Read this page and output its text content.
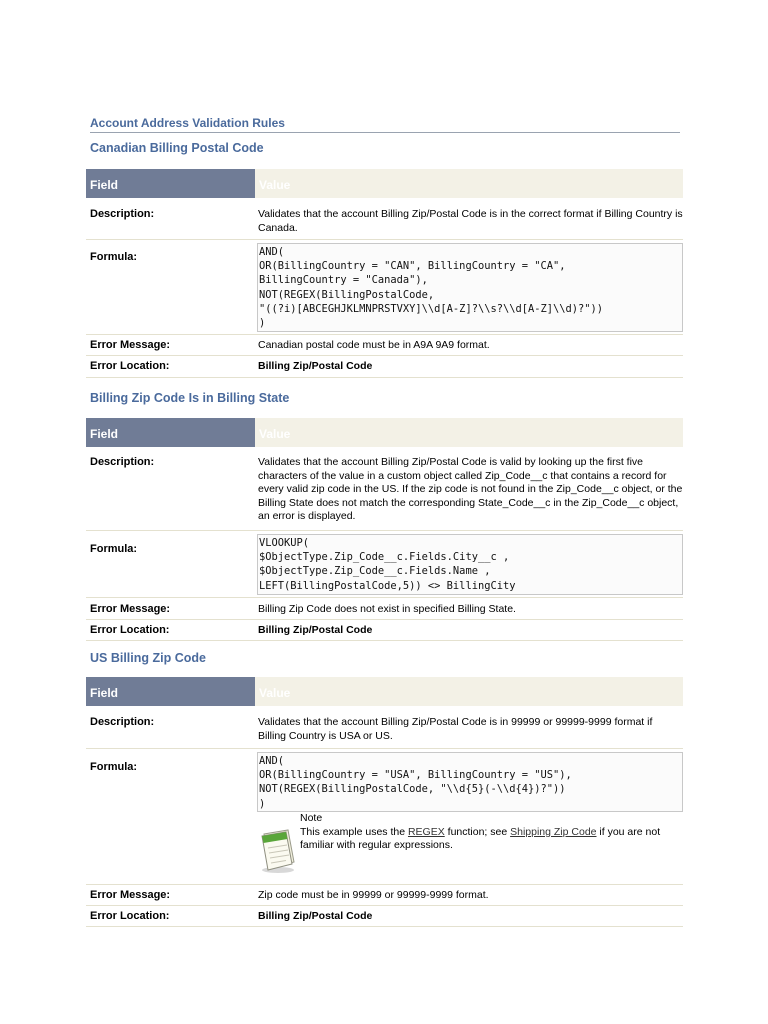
Account Address Validation Rules
Canadian Billing Postal Code
Field	Value
Description:	Validates that the account Billing Zip/Postal Code is in the correct format if Billing Country is Canada.
Formula:	AND(
OR(BillingCountry = "CAN", BillingCountry = "CA",
BillingCountry = "Canada"),
NOT(REGEX(BillingPostalCode,
"((?i)[ABCEGHJKLMNPRSTVXY]\\d[A-Z]?\\s?\\d[A-Z]\\d)?"))
)
Error Message:	Canadian postal code must be in A9A 9A9 format.
Error Location:	Billing Zip/Postal Code
Billing Zip Code Is in Billing State
Field	Value
Description:	Validates that the account Billing Zip/Postal Code is valid by looking up the first five characters of the value in a custom object called Zip_Code__c that contains a record for every valid zip code in the US. If the zip code is not found in the Zip_Code__c object, or the Billing State does not match the corresponding State_Code__c in the Zip_Code__c object, an error is displayed.
Formula:	VLOOKUP(
$ObjectType.Zip_Code__c.Fields.City__c ,
$ObjectType.Zip_Code__c.Fields.Name ,
LEFT(BillingPostalCode,5)) <> BillingCity
Error Message:	Billing Zip Code does not exist in specified Billing State.
Error Location:	Billing Zip/Postal Code
US Billing Zip Code
Field	Value
Description:	Validates that the account Billing Zip/Postal Code is in 99999 or 99999-9999 format if Billing Country is USA or US.
Formula:	AND(
OR(BillingCountry = "USA", BillingCountry = "US"),
NOT(REGEX(BillingPostalCode, "\\d{5}(-\\d{4})?"))
)
Note
This example uses the REGEX function; see Shipping Zip Code if you are not familiar with regular expressions.
Error Message:	Zip code must be in 99999 or 99999-9999 format.
Error Location:	Billing Zip/Postal Code
